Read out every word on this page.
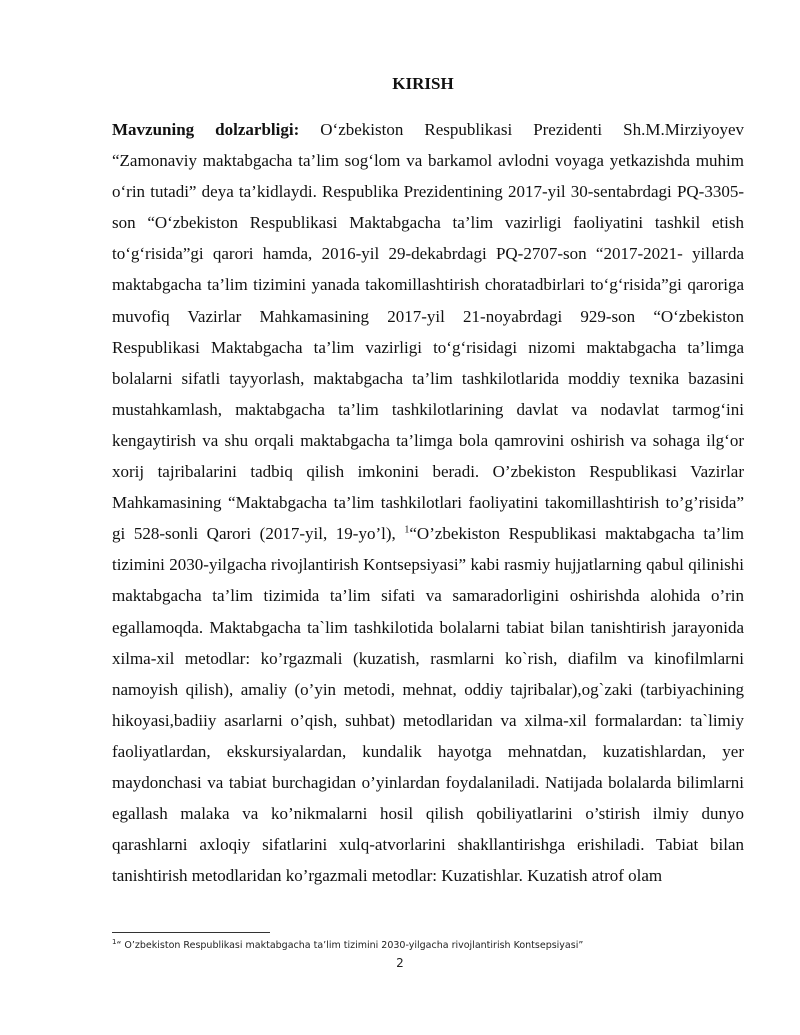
KIRISH

Mavzuning dolzarbligi: O‘zbekiston Respublikasi Prezidenti Sh.M.Mirziyoyev “Zamonaviy maktabgacha ta’lim sog‘lom va barkamol avlodni voyaga yetkazishda muhim o‘rin tutadi” deya ta’kidlaydi. Respublika Prezidentining 2017-yil 30-sentabrdagi PQ-3305-son “O‘zbekiston Respublikasi Maktabgacha ta’lim vazirligi faoliyatini tashkil etish to‘g‘risida”gi qarori hamda, 2016-yil 29-dekabrdagi PQ-2707-son “2017-2021- yillarda maktabgacha ta’lim tizimini yanada takomillashtirish choratadbirlari to‘g‘risida”gi qaroriga muvofiq Vazirlar Mahkamasining 2017-yil 21-noyabrdagi 929-son “O‘zbekiston Respublikasi Maktabgacha ta’lim vazirligi to‘g‘risidagi nizomi maktabgacha ta’limga bolalarni sifatli tayyorlash, maktabgacha ta’lim tashkilotlarida moddiy texnika bazasini mustahkamlash, maktabgacha ta’lim tashkilotlarining davlat va nodavlat tarmog‘ini kengaytirish va shu orqali maktabgacha ta’limga bola qamrovini oshirish va sohaga ilg‘or xorij tajribalarini tadbiq qilish imkonini beradi. O’zbekiston Respublikasi Vazirlar Mahkamasining “Maktabgacha ta’lim tashkilotlari faoliyatini takomillashtirish to’g’risida” gi 528-sonli Qarori (2017-yil, 19-yo’l), $^1$“O’zbekiston Respublikasi maktabgacha ta’lim tizimini 2030-yilgacha rivojlantirish Kontsepsiyasi” kabi rasmiy hujjatlarning qabul qilinishi maktabgacha ta’lim tizimida ta’lim sifati va samaradorligini oshirishda alohida o’rin egallamoqda. Maktabgacha ta`lim tashkilotida bolalarni tabiat bilan tanishtirish jarayonida xilma-xil metodlar: ko’rgazmali (kuzatish, rasmlarni ko`rish, diafilm va kinofilmlarni namoyish qilish), amaliy (o’yin metodi, mehnat, oddiy tajribalar),og`zaki (tarbiyachining hikoyasi,badiiy asarlarni o’qish, suhbat) metodlaridan va xilma-xil formalardan: ta`limiy faoliyatlardan, ekskursiyalardan, kundalik hayotga mehnatdan, kuzatishlardan, yer maydonchasi va tabiat burchagidan o’yinlardan foydalaniladi. Natijada bolalarda bilimlarni egallash malaka va ko’nikmalarni hosil qilish qobiliyatlarini o’stirish ilmiy dunyo qarashlarni axloqiy sifatlarini xulq-atvorlarini shakllantirishga erishiladi. Tabiat bilan tanishtirish metodlaridan ko’rgazmali metodlar: Kuzatishlar. Kuzatish atrof olam

$^1$“ O’zbekiston Respublikasi maktabgacha ta’lim tizimini 2030-yilgacha rivojlantirish Kontsepsiyasi”
2
